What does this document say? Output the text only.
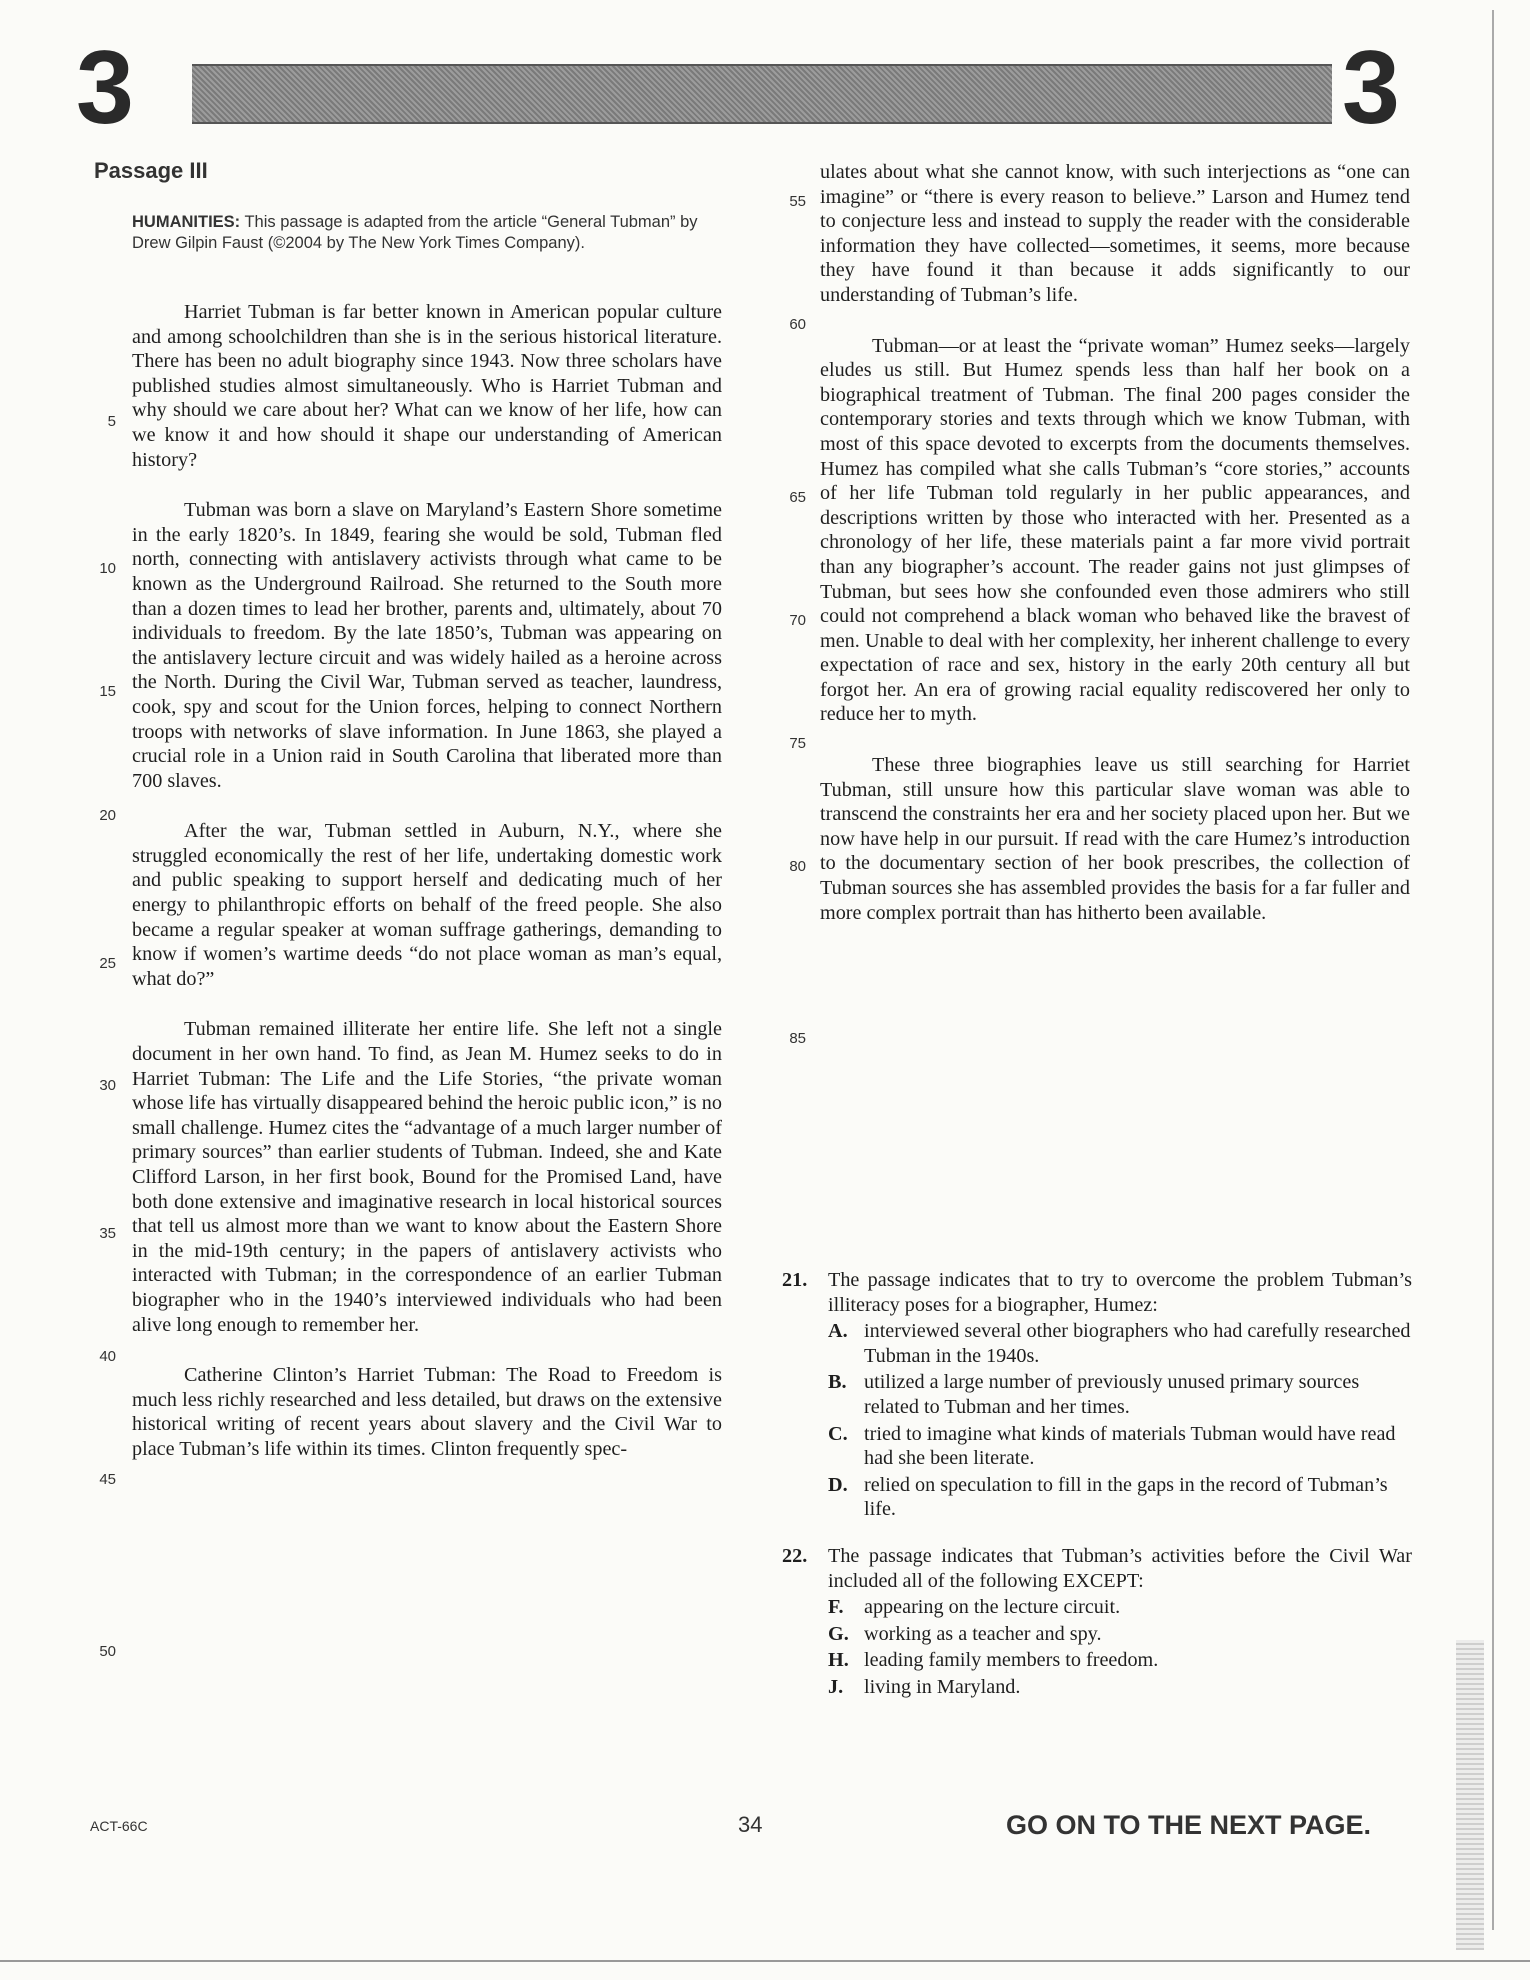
3	3
Passage III
HUMANITIES: This passage is adapted from the article “General Tubman” by Drew Gilpin Faust (©2004 by The New York Times Company).

Harriet Tubman is far better known in American popular culture and among schoolchildren than she is in the serious historical literature. There has been no adult biography since 1943. Now three scholars have published studies almost simultaneously. Who is Harriet Tubman and why should we care about her? What can we know of her life, how can we know it and how should it shape our understanding of American history?

Tubman was born a slave on Maryland’s Eastern Shore sometime in the early 1820’s. In 1849, fearing she would be sold, Tubman fled north, connecting with antislavery activists through what came to be known as the Underground Railroad. She returned to the South more than a dozen times to lead her brother, parents and, ultimately, about 70 individuals to freedom. By the late 1850’s, Tubman was appearing on the antislavery lecture circuit and was widely hailed as a heroine across the North. During the Civil War, Tubman served as teacher, laundress, cook, spy and scout for the Union forces, helping to connect Northern troops with networks of slave information. In June 1863, she played a crucial role in a Union raid in South Carolina that liberated more than 700 slaves.

After the war, Tubman settled in Auburn, N.Y., where she struggled economically the rest of her life, undertaking domestic work and public speaking to support herself and dedicating much of her energy to philanthropic efforts on behalf of the freed people. She also became a regular speaker at woman suffrage gatherings, demanding to know if women’s wartime deeds “do not place woman as man’s equal, what do?”

Tubman remained illiterate her entire life. She left not a single document in her own hand. To find, as Jean M. Humez seeks to do in Harriet Tubman: The Life and the Life Stories, “the private woman whose life has virtually disappeared behind the heroic public icon,” is no small challenge. Humez cites the “advantage of a much larger number of primary sources” than earlier students of Tubman. Indeed, she and Kate Clifford Larson, in her first book, Bound for the Promised Land, have both done extensive and imaginative research in local historical sources that tell us almost more than we want to know about the Eastern Shore in the mid-19th century; in the papers of antislavery activists who interacted with Tubman; in the correspondence of an earlier Tubman biographer who in the 1940’s interviewed individuals who had been alive long enough to remember her.

Catherine Clinton’s Harriet Tubman: The Road to Freedom is much less richly researched and less detailed, but draws on the extensive historical writing of recent years about slavery and the Civil War to place Tubman’s life within its times. Clinton frequently spec-

ulates about what she cannot know, with such interjections as “one can imagine” or “there is every reason to believe.” Larson and Humez tend to conjecture less and instead to supply the reader with the considerable information they have collected—sometimes, it seems, more because they have found it than because it adds significantly to our understanding of Tubman’s life.

Tubman—or at least the “private woman” Humez seeks—largely eludes us still. But Humez spends less than half her book on a biographical treatment of Tubman. The final 200 pages consider the contemporary stories and texts through which we know Tubman, with most of this space devoted to excerpts from the documents themselves. Humez has compiled what she calls Tubman’s “core stories,” accounts of her life Tubman told regularly in her public appearances, and descriptions written by those who interacted with her. Presented as a chronology of her life, these materials paint a far more vivid portrait than any biographer’s account. The reader gains not just glimpses of Tubman, but sees how she confounded even those admirers who still could not comprehend a black woman who behaved like the bravest of men. Unable to deal with her complexity, her inherent challenge to every expectation of race and sex, history in the early 20th century all but forgot her. An era of growing racial equality rediscovered her only to reduce her to myth.

These three biographies leave us still searching for Harriet Tubman, still unsure how this particular slave woman was able to transcend the constraints her era and her society placed upon her. But we now have help in our pursuit. If read with the care Humez’s introduction to the documentary section of her book prescribes, the collection of Tubman sources she has assembled provides the basis for a far fuller and more complex portrait than has hitherto been available.

5
10
15
20
25
30
35
40
45
50
55
60
65
70
75
80
85
21.	The passage indicates that to try to overcome the problem Tubman’s illiteracy poses for a biographer, Humez:
A. interviewed several other biographers who had carefully researched Tubman in the 1940s.
B. utilized a large number of previously unused primary sources related to Tubman and her times.
C. tried to imagine what kinds of materials Tubman would have read had she been literate.
D. relied on speculation to fill in the gaps in the record of Tubman’s life.
22.	The passage indicates that Tubman’s activities before the Civil War included all of the following EXCEPT:
F.	appearing on the lecture circuit.
G. working as a teacher and spy.
H. leading family members to freedom.
J.	living in Maryland.
ACT-66C	34	GO ON TO THE NEXT PAGE.
